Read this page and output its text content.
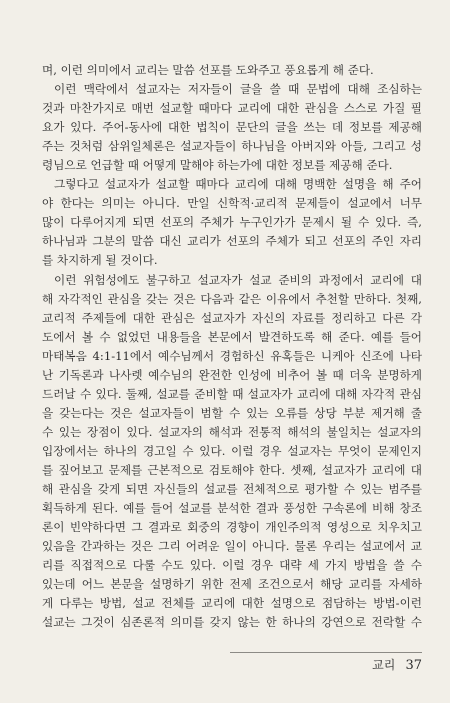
며, 이런 의미에서 교리는 말씀 선포를 도와주고 풍요롭게 해 준다.
이런 맥락에서 설교자는 저자들이 글을 쓸 때 문법에 대해 조심하는
것과 마찬가지로 매번 설교할 때마다 교리에 대한 관심을 스스로 가질 필
요가 있다. 주어-동사에 대한 법칙이 문단의 글을 쓰는 데 정보를 제공해
주는 것처럼 삼위일체론은 설교자들이 하나님을 아버지와 아들, 그리고 성
령님으로 언급할 때 어떻게 말해야 하는가에 대한 정보를 제공해 준다.
그렇다고 설교자가 설교할 때마다 교리에 대해 명백한 설명을 해 주어
야 한다는 의미는 아니다. 만일 신학적·교리적 문제들이 설교에서 너무
많이 다루어지게 되면 선포의 주체가 누구인가가 문제시 될 수 있다. 즉,
하나님과 그분의 말씀 대신 교리가 선포의 주체가 되고 선포의 주인 자리
를 차지하게 될 것이다.
이런 위험성에도 불구하고 설교자가 설교 준비의 과정에서 교리에 대
해 자각적인 관심을 갖는 것은 다음과 같은 이유에서 추천할 만하다. 첫째,
교리적 주제들에 대한 관심은 설교자가 자신의 자료를 정리하고 다른 각
도에서 볼 수 없었던 내용들을 본문에서 발견하도록 해 준다. 예를 들어
마태복음 4:1-11에서 예수님께서 경험하신 유혹들은 니케아 신조에 나타
난 기독론과 나사렛 예수님의 완전한 인성에 비추어 볼 때 더욱 분명하게
드러날 수 있다. 둘째, 설교를 준비할 때 설교자가 교리에 대해 자각적 관심
을 갖는다는 것은 설교자들이 범할 수 있는 오류를 상당 부분 제거해 줄
수 있는 장점이 있다. 설교자의 해석과 전통적 해석의 불일치는 설교자의
입장에서는 하나의 경고일 수 있다. 이럴 경우 설교자는 무엇이 문제인지
를 짚어보고 문제를 근본적으로 검토해야 한다. 셋째, 설교자가 교리에 대
해 관심을 갖게 되면 자신들의 설교를 전체적으로 평가할 수 있는 범주를
획득하게 된다. 예를 들어 설교를 분석한 결과 풍성한 구속론에 비해 창조
론이 빈약하다면 그 결과로 회중의 경향이 개인주의적 영성으로 치우치고
있음을 간과하는 것은 그리 어려운 일이 아니다. 물론 우리는 설교에서 교
리를 직접적으로 다룰 수도 있다. 이럴 경우 대략 세 가지 방법을 쓸 수
있는데 어느 본문을 설명하기 위한 전제 조건으로서 해당 교리를 자세하
게 다루는 방법, 설교 전체를 교리에 대한 설명으로 점담하는 방법-이런
설교는 그것이 심존론적 의미를 갖지 않는 한 하나의 강연으로 전락할 수
교리 37
